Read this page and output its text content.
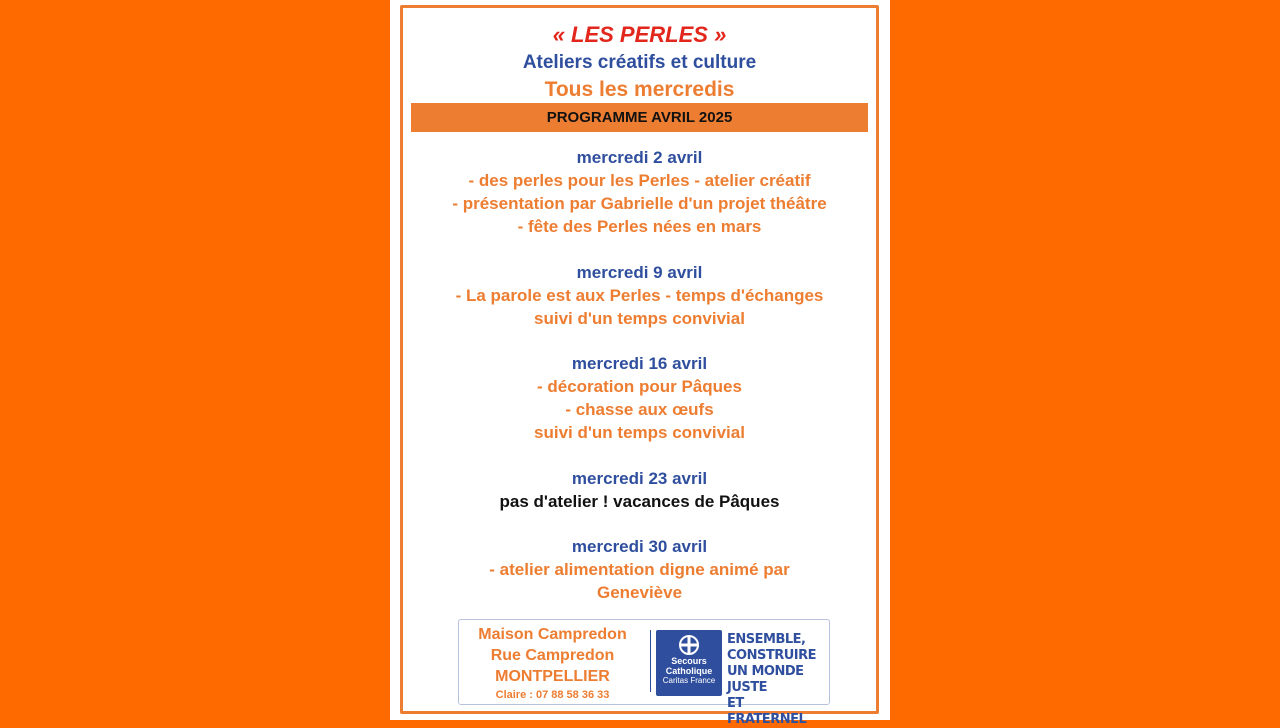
« LES PERLES »
Ateliers créatifs et culture
Tous les mercredis
PROGRAMME AVRIL 2025
mercredi 2 avril
- des perles pour les Perles - atelier créatif
- présentation par Gabrielle d'un projet théâtre
- fête des Perles nées en mars
mercredi 9 avril
- La parole est aux Perles - temps d'échanges
suivi d'un temps convivial
mercredi 16 avril
- décoration pour Pâques
- chasse aux œufs
suivi d'un temps convivial
mercredi 23 avril
pas d'atelier ! vacances de Pâques
mercredi 30 avril
- atelier alimentation digne animé par
Geneviève
Maison Campredon
Rue Campredon
MONTPELLIER
Claire : 07 88 58 36 33
Secours
Catholique
Caritas France
ENSEMBLE,
CONSTRUIRE
UN MONDE JUSTE
ET FRATERNEL
